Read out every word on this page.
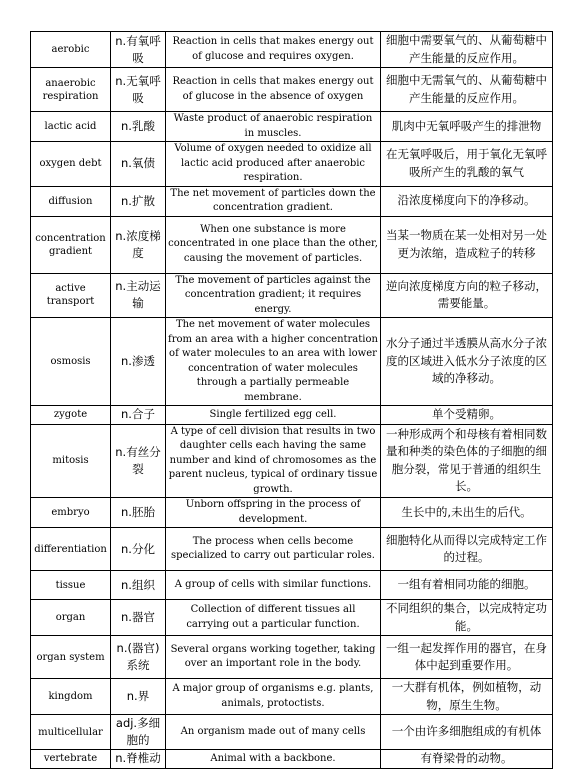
aerobic	n.有氧呼吸	Reaction in cells that makes energy out of glucose and requires oxygen.	细胞中需要氧气的、从葡萄糖中产生能量的反应作用。
anaerobic respiration	n.无氧呼吸	Reaction in cells that makes energy out of glucose in the absence of oxygen	细胞中无需氧气的、从葡萄糖中产生能量的反应作用。
lactic acid	n.乳酸	Waste product of anaerobic respiration in muscles.	肌肉中无氧呼吸产生的排泄物
oxygen debt	n.氧债	Volume of oxygen needed to oxidize all lactic acid produced after anaerobic respiration.	在无氧呼吸后，用于氧化无氧呼吸所产生的乳酸的氧气
diffusion	n.扩散	The net movement of particles down the concentration gradient.	沿浓度梯度向下的净移动。
concentration gradient	n.浓度梯度	When one substance is more concentrated in one place than the other, causing the movement of particles.	当某一物质在某一处相对另一处更为浓缩，造成粒子的转移
active transport	n.主动运输	The movement of particles against the concentration gradient; it requires energy.	逆向浓度梯度方向的粒子移动，需要能量。
osmosis	n.渗透	The net movement of water molecules from an area with a higher concentration of water molecules to an area with lower concentration of water molecules through a partially permeable membrane.	水分子通过半透膜从高水分子浓度的区域进入低水分子浓度的区域的净移动。
zygote	n.合子	Single fertilized egg cell.	单个受精卵。
mitosis	n.有丝分裂	A type of cell division that results in two daughter cells each having the same number and kind of chromosomes as the parent nucleus, typical of ordinary tissue growth.	一种形成两个和母核有着相同数量和种类的染色体的子细胞的细胞分裂，常见于普通的组织生长。
embryo	n.胚胎	Unborn offspring in the process of development.	生长中的,未出生的后代。
differentiation	n.分化	The process when cells become specialized to carry out particular roles.	细胞特化从而得以完成特定工作的过程。
tissue	n.组织	A group of cells with similar functions.	一组有着相同功能的细胞。
organ	n.器官	Collection of different tissues all carrying out a particular function.	不同组织的集合，以完成特定功能。
organ system	n.(器官)系统	Several organs working together, taking over an important role in the body.	一组一起发挥作用的器官，在身体中起到重要作用。
kingdom	n.界	A major group of organisms e.g. plants, animals, protoctists.	一大群有机体，例如植物，动物，原生生物。
multicellular	adj.多细胞的	An organism made out of many cells	一个由许多细胞组成的有机体
vertebrate	n.脊椎动	Animal with a backbone.	有脊梁骨的动物。
